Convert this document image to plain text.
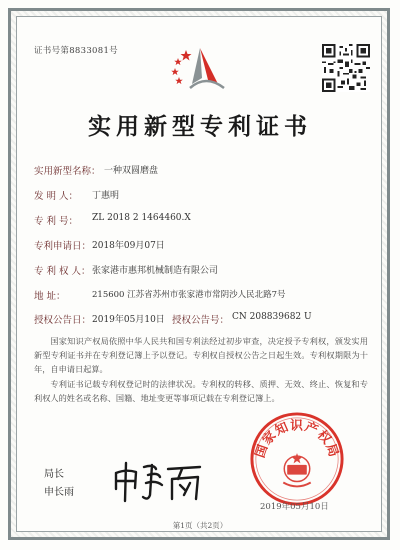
证书号第8833081号
实用新型专利证书
实用新型名称： 一种双圆磨盘
发 明 人： 丁惠明
专 利 号： ZL 2018 2 1464460.X
专利申请日： 2018年09月07日
专 利 权 人： 张家港市惠邦机械制造有限公司
地 址：	215600 江苏省苏州市张家港市常阴沙人民北路7号
授权公告日： 2019年05月10日 授权公告号： CN 208839682 U
国家知识产权局依照中华人民共和国专利法经过初步审查，决定授予专利权，颁发实用新型专利证书并在专利登记簿上予以登记。专利权自授权公告之日起生效。专利权期限为十年，自申请日起算。
专利证书记载专利权登记时的法律状况。专利权的转移、质押、无效、终止、恢复和专利权人的姓名或名称、国籍、地址变更等事项记载在专利登记簿上。
局长
申长雨
国家知识产权局
2019年05月10日
第1页（共2页）
